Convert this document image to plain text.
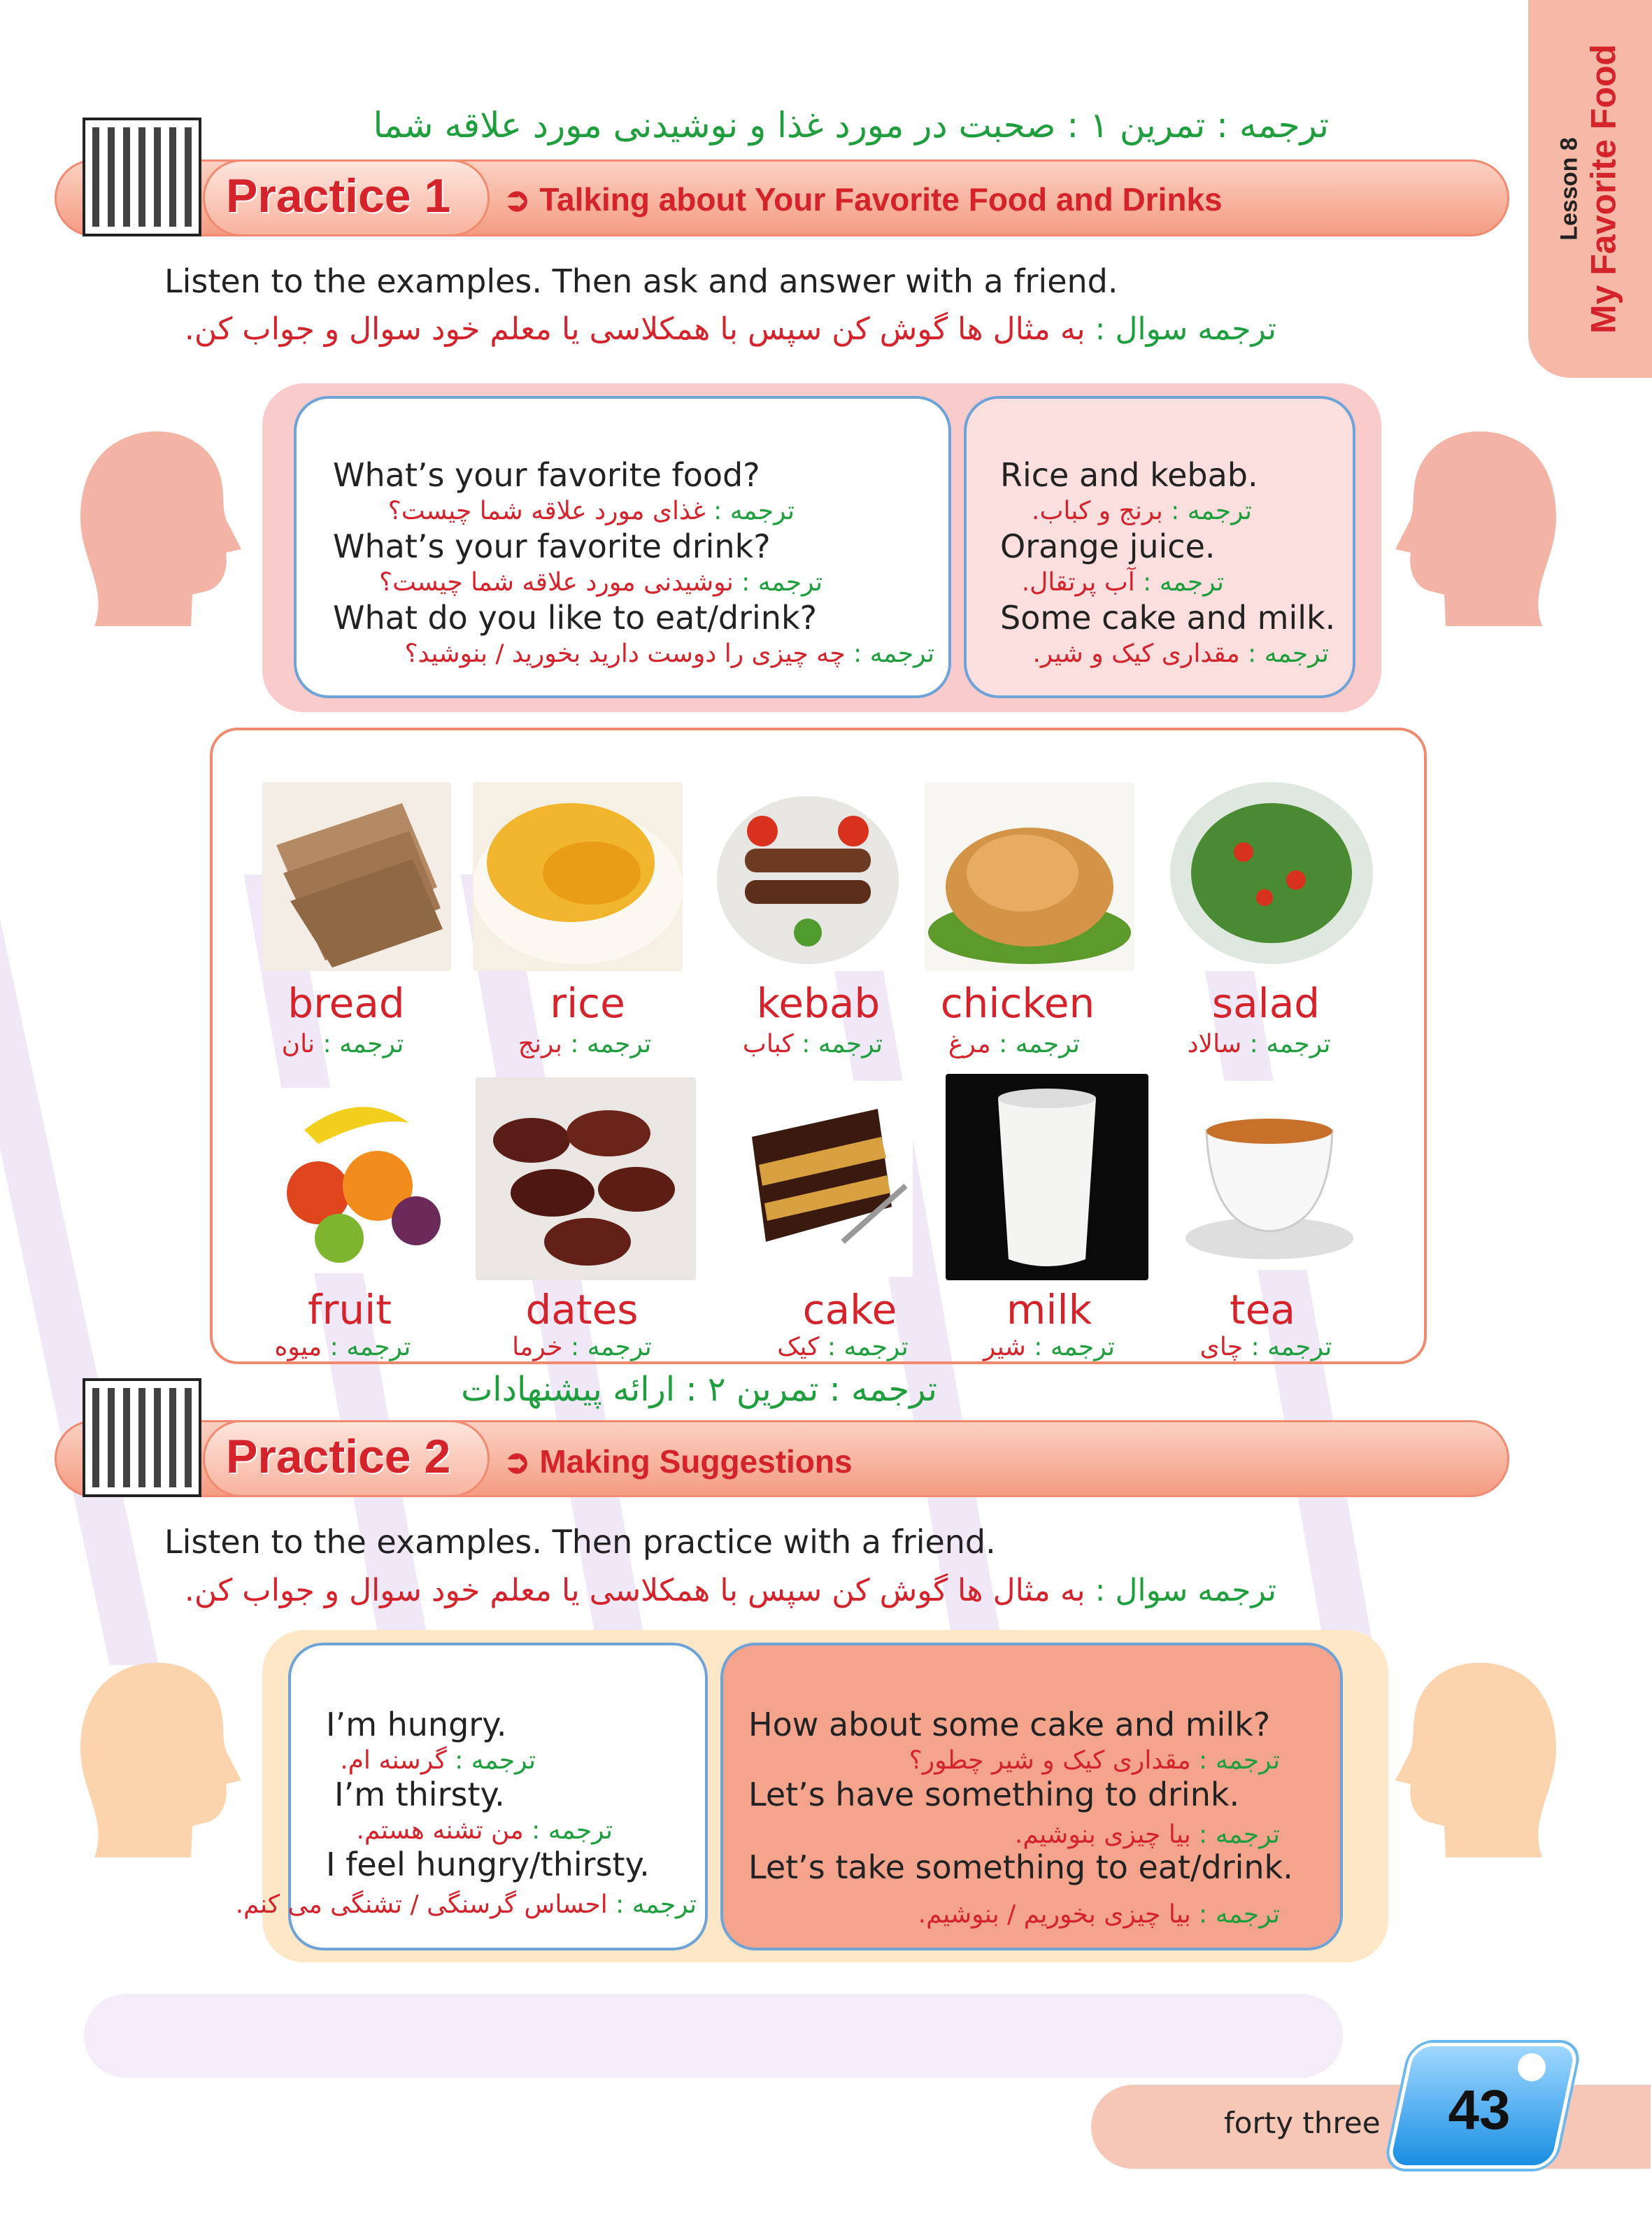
Lesson 8 My Favorite Food
ترجمه : تمرین ۱ : صحبت در مورد غذا و نوشیدنی مورد علاقه شما
Practice 1 ➲ Talking about Your Favorite Food and Drinks
Listen to the examples. Then ask and answer with a friend.
ترجمه سوال : به مثال ها گوش کن سپس با همکلاسی یا معلم خود سوال و جواب کن.
What’s your favorite food?
ترجمه : غذای مورد علاقه شما چیست؟
What’s your favorite drink?
ترجمه : نوشیدنی مورد علاقه شما چیست؟
What do you like to eat/drink?
ترجمه : چه چیزی را دوست دارید بخورید / بنوشید؟
Rice and kebab.
ترجمه : برنج و کباب.
Orange juice.
ترجمه : آب پرتقال.
Some cake and milk.
ترجمه : مقداری کیک و شیر.
bread
ترجمه : نان
rice
ترجمه : برنج
kebab
ترجمه : کباب
chicken
ترجمه : مرغ
salad
ترجمه : سالاد
fruit
ترجمه : میوه
dates
ترجمه : خرما
cake
ترجمه : کیک
milk
ترجمه : شیر
tea
ترجمه : چای
ترجمه : تمرین ۲ : ارائه پیشنهادات
Practice 2 ➲ Making Suggestions
Listen to the examples. Then practice with a friend.
ترجمه سوال : به مثال ها گوش کن سپس با همکلاسی یا معلم خود سوال و جواب کن.
I’m hungry.
ترجمه : گرسنه ام.
I’m thirsty.
ترجمه : من تشنه هستم.
I feel hungry/thirsty.
ترجمه : احساس گرسنگی / تشنگی می کنم.
How about some cake and milk?
ترجمه : مقداری کیک و شیر چطور؟
Let’s have something to drink.
ترجمه : بیا چیزی بنوشیم.
Let’s take something to eat/drink.
ترجمه : بیا چیزی بخوریم / بنوشیم.
forty three	43
